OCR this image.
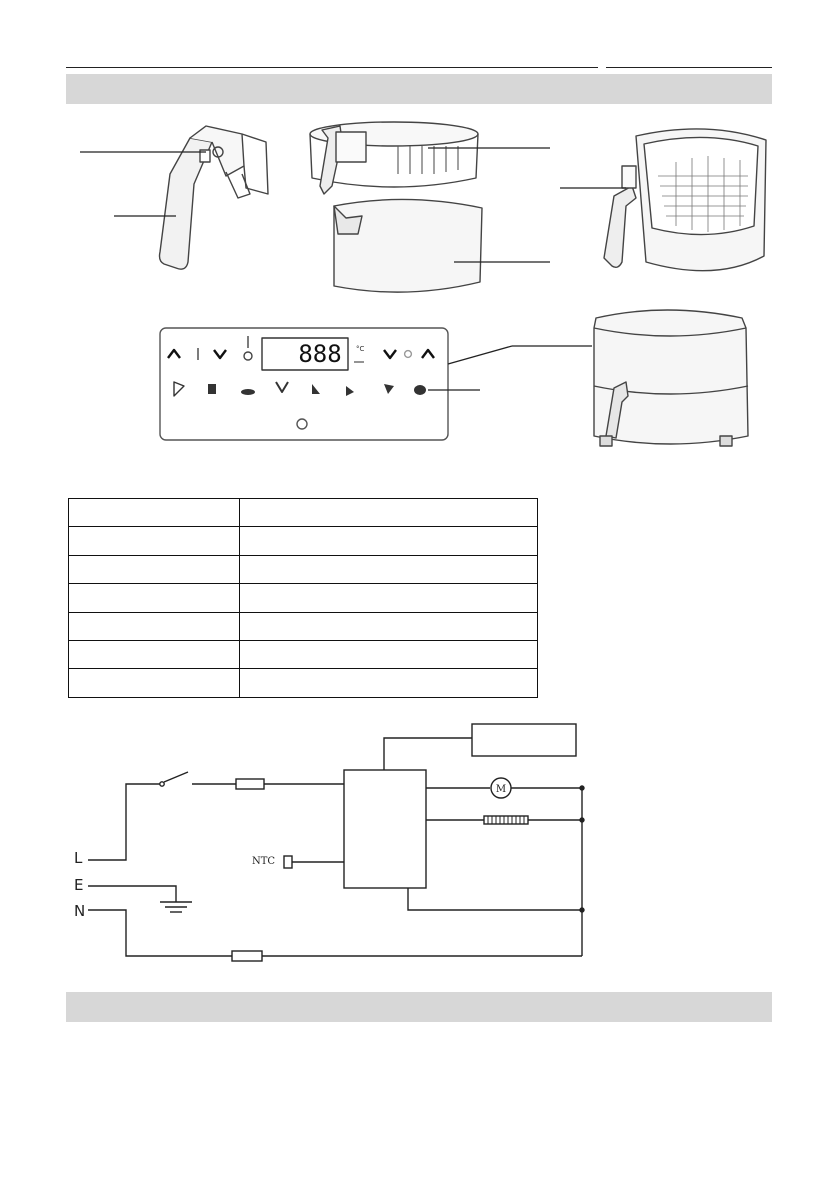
888 °C

M
L
E
N
NTC
